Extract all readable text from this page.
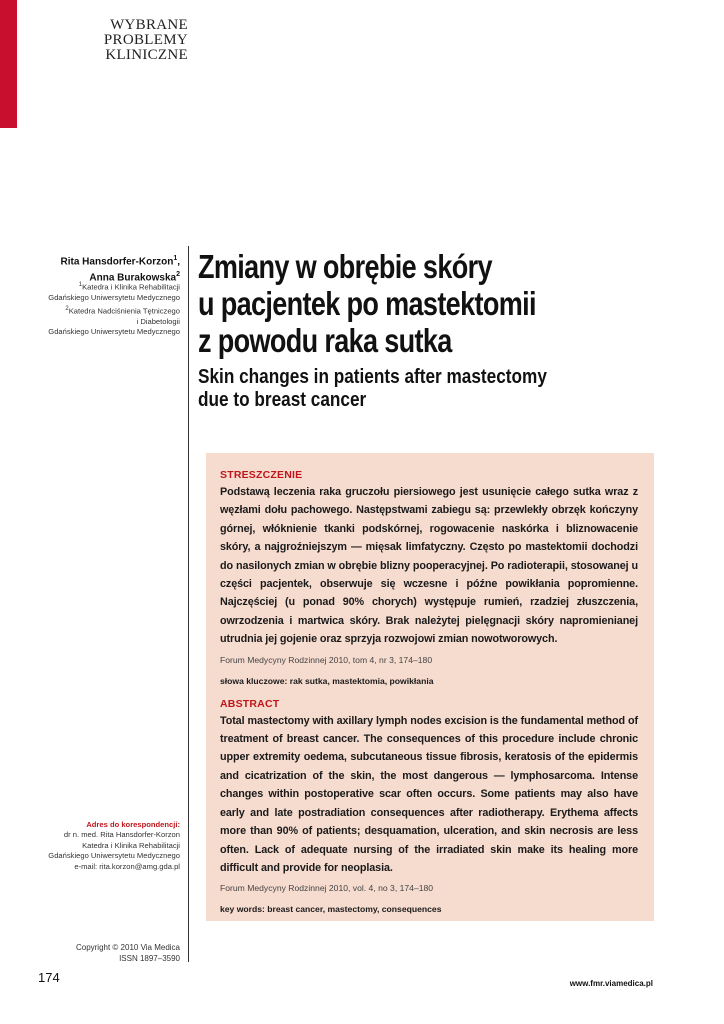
WYBRANE
PROBLEMY
KLINICZNE
Rita Hansdorfer-Korzon$^1$,
Anna Burakowska$^2$
$^1$Katedra i Klinika Rehabilitacji
Gdańskiego Uniwersytetu Medycznego
$^2$Katedra Nadciśnienia Tętniczego
i Diabetologii
Gdańskiego Uniwersytetu Medycznego
Zmiany w obrębie skóry
u pacjentek po mastektomii
z powodu raka sutka
Skin changes in patients after mastectomy
due to breast cancer
STRESZCZENIE
Podstawą leczenia raka gruczołu piersiowego jest usunięcie całego sutka wraz z węzłami dołu pachowego. Następstwami zabiegu są: przewlekły obrzęk kończyny górnej, włóknienie tkanki podskórnej, rogowacenie naskórka i bliznowacenie skóry, a najgroźniejszym — mięsak limfatyczny. Często po mastektomii dochodzi do nasilonych zmian w obrębie blizny pooperacyjnej. Po radioterapii, stosowanej u części pacjentek, obserwuje się wczesne i późne powikłania popromienne. Najczęściej (u ponad 90% chorych) występuje rumień, rzadziej złuszczenia, owrzodzenia i martwica skóry. Brak należytej pielęgnacji skóry napromienianej utrudnia jej gojenie oraz sprzyja rozwojowi zmian nowotworowych.
Forum Medycyny Rodzinnej 2010, tom 4, nr 3, 174–180
słowa kluczowe: rak sutka, mastektomia, powikłania
ABSTRACT
Total mastectomy with axillary lymph nodes excision is the fundamental method of treatment of breast cancer. The consequences of this procedure include chronic upper extremity oedema, subcutaneous tissue fibrosis, keratosis of the epidermis and cicatrization of the skin, the most dangerous — lymphosarcoma. Intense changes within postoperative scar often occurs. Some patients may also have early and late postradiation consequences after radiotherapy. Erythema affects more than 90% of patients; desquamation, ulceration, and skin necrosis are less often. Lack of adequate nursing of the irradiated skin make its healing more difficult and provide for neoplasia.
Forum Medycyny Rodzinnej 2010, vol. 4, no 3, 174–180
key words: breast cancer, mastectomy, consequences
Adres do korespondencji:
dr n. med. Rita Hansdorfer-Korzon
Katedra i Klinika Rehabilitacji
Gdańskiego Uniwersytetu Medycznego
e-mail: rita.korzon@amg.gda.pl
Copyright © 2010 Via Medica
ISSN 1897–3590
174	www.fmr.viamedica.pl
